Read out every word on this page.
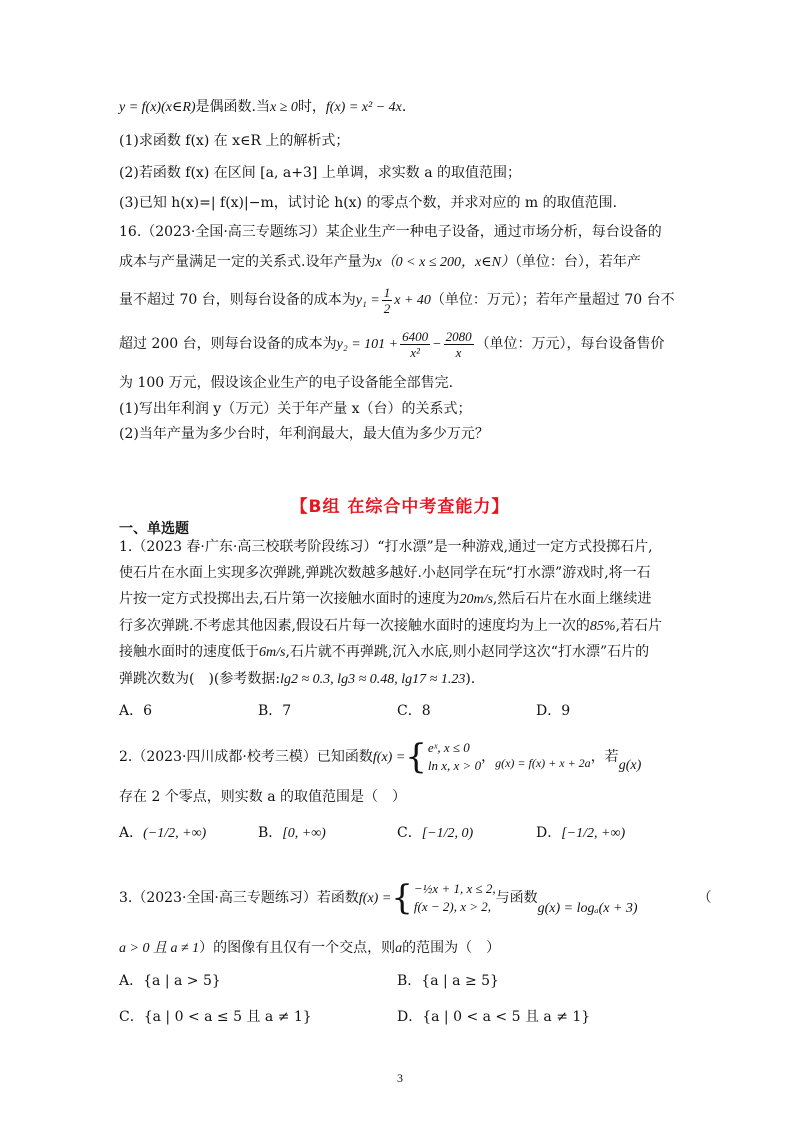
y = f(x)(x∈R)是偶函数.当x ≥ 0时，f(x) = x² − 4x.
(1)求函数 f(x) 在 x∈R 上的解析式；
(2)若函数 f(x) 在区间 [a, a+3] 上单调，求实数 a 的取值范围；
(3)已知 h(x)=| f(x)|−m，试讨论 h(x) 的零点个数，并求对应的 m 的取值范围.
16.（2023·全国·高三专题练习）某企业生产一种电子设备，通过市场分析，每台设备的
成本与产量满足一定的关系式.设年产量为x（0 < x ≤ 200，x∈N）（单位：台），若年产
量不超过 70 台，则每台设备的成本为$y_1 = \frac{1}{2}$ x + 40（单位：万元）；若年产量超过 70 台不
超过 200 台，则每台设备的成本为$y_2 = 101 + \frac{6400}{\text{x²}} - \frac{2080}{x}$ （单位：万元），每台设备售价
为 100 万元，假设该企业生产的电子设备能全部售完.
(1)写出年利润 y（万元）关于年产量 x（台）的关系式；
(2)当年产量为多少台时，年利润最大，最大值为多少万元？
【B组 在综合中考查能力】
一、单选题
1.（2023 春·广东·高三校联考阶段练习）“打水漂”是一种游戏,通过一定方式投掷石片,
使石片在水面上实现多次弹跳,弹跳次数越多越好.小赵同学在玩“打水漂”游戏时,将一石
片按一定方式投掷出去,石片第一次接触水面时的速度为20m/s,然后石片在水面上继续进
行多次弹跳.不考虑其他因素,假设石片每一次接触水面时的速度均为上一次的85%,若石片
接触水面时的速度低于6m/s,石片就不再弹跳,沉入水底,则小赵同学这次“打水漂”石片的
弹跳次数为(　)(参考数据:lg2 ≈ 0.3, lg3 ≈ 0.48, lg17 ≈ 1.23).
A．6	B．7	C．8	D．9
2.（2023·四川成都·校考三模）已知函数f(x) ={ eˣ, x ≤ 0
ln x, x > 0
，g(x) = f(x) + x + 2a，若g(x)
存在 2 个零点，则实数 a 的取值范围是（　）
A．(−1/2, +∞)	B．[0, +∞)	C．[−1/2, 0)	D．[−1/2, +∞)
3.（2023·全国·高三专题练习）若函数f(x) ={ −½x + 1, x ≤ 2,
f(x − 2), x > 2,
与函数g(x) = logₐ(x + 3)（
a > 0 且 a ≠ 1）的图像有且仅有一个交点，则a的范围为（　）
A．{a | a > 5}	B．{a | a ≥ 5}
C．{a | 0 < a ≤ 5 且 a ≠ 1}	D．{a | 0 < a < 5 且 a ≠ 1}
3
